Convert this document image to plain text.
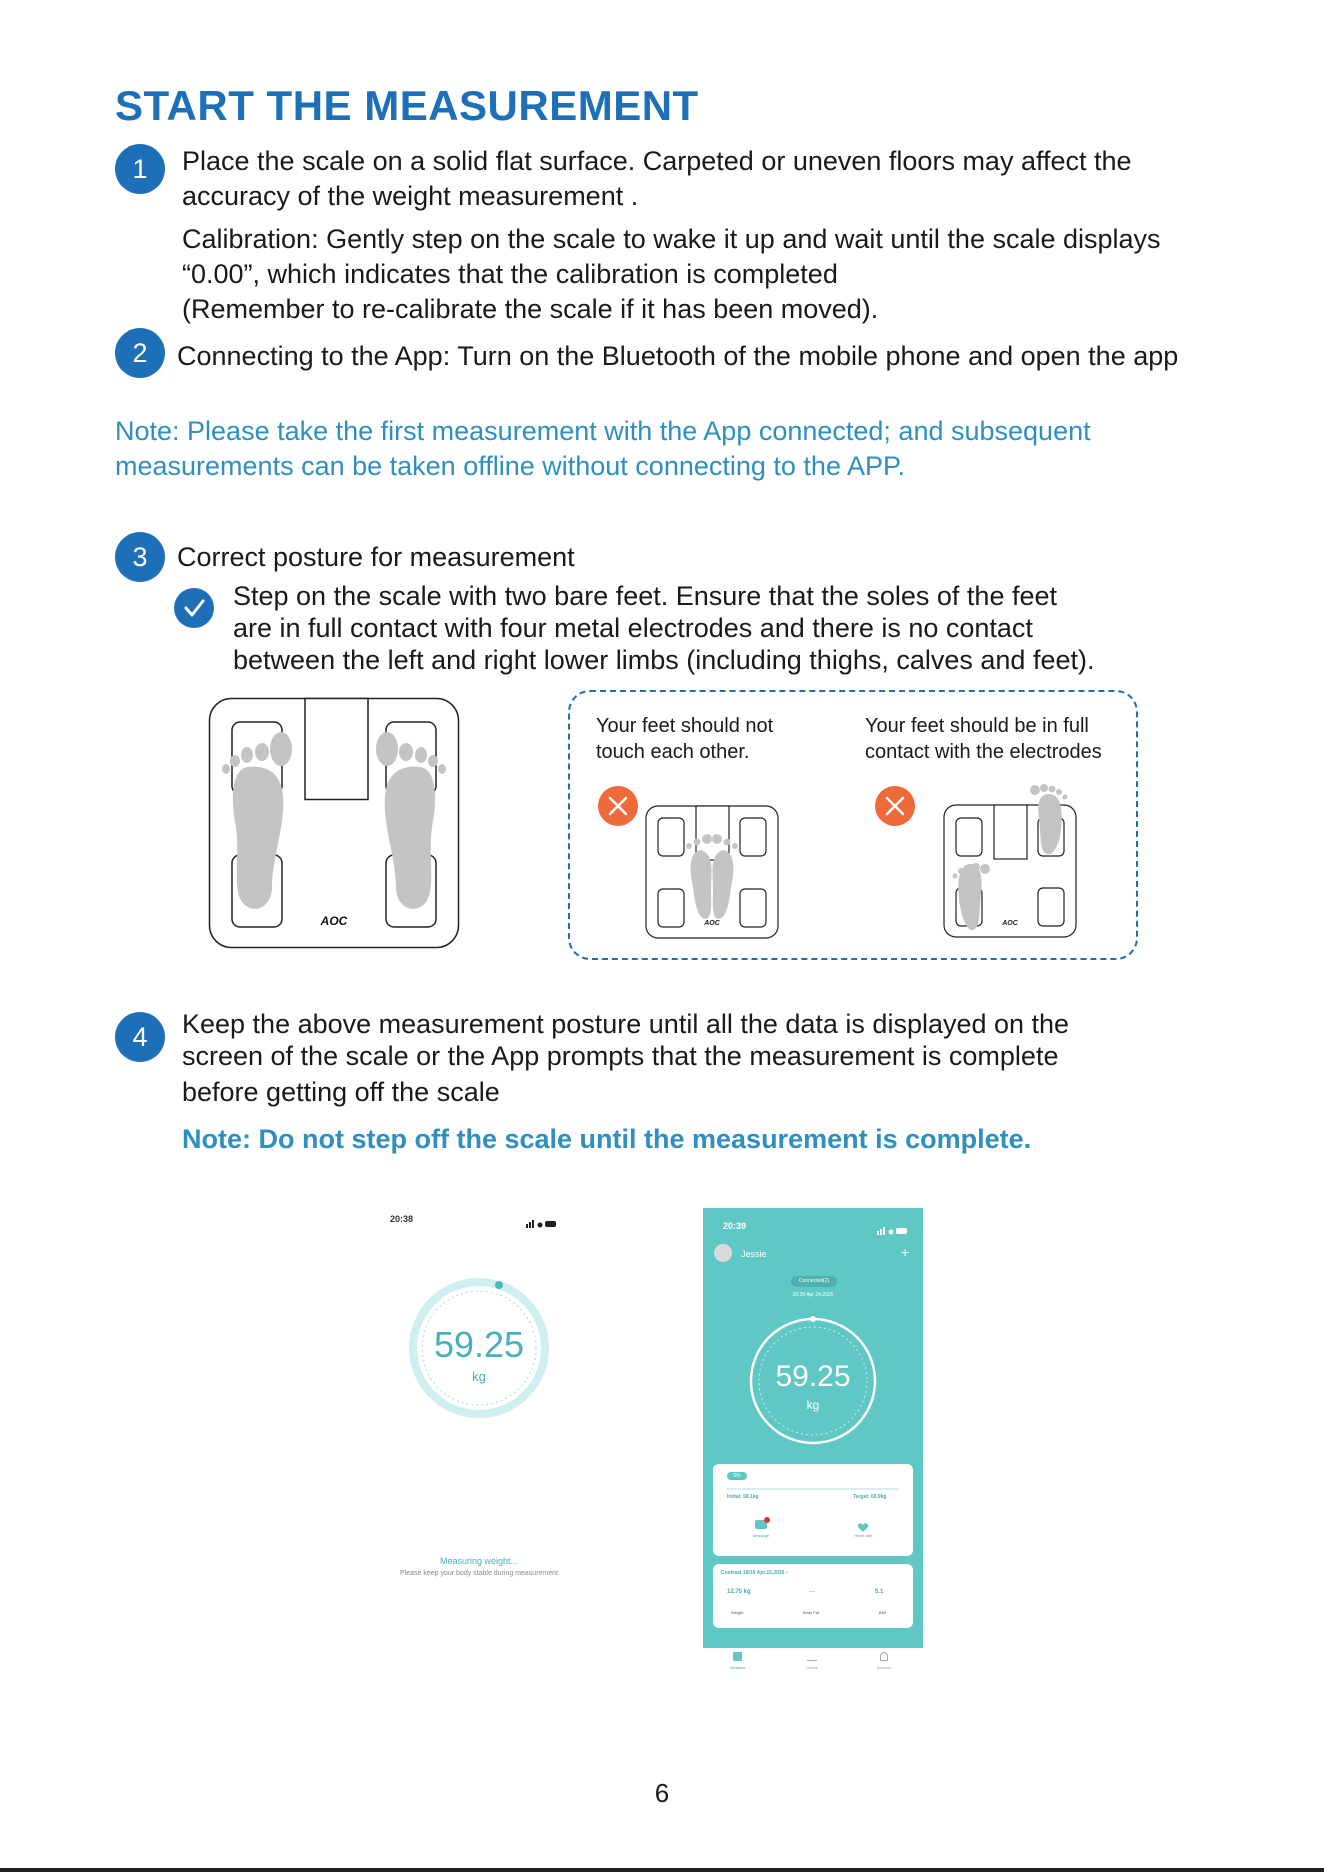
START THE MEASUREMENT
1	Place the scale on a solid flat surface. Carpeted or uneven floors may affect the
accuracy of the weight measurement .
Calibration: Gently step on the scale to wake it up and wait until the scale displays
“0.00”, which indicates that the calibration is completed
(Remember to re-calibrate the scale if it has been moved).
2	Connecting to the App: Turn on the Bluetooth of the mobile phone and open the app
Note: Please take the first measurement with the App connected; and subsequent
measurements can be taken offline without connecting to the APP.
3	Correct posture for measurement
Step on the scale with two bare feet. Ensure that the soles of the feet
are in full contact with four metal electrodes and there is no contact
between the left and right lower limbs (including thighs, calves and feet).
AOC
Your feet should not
touch each other.
Your feet should be in full
contact with the electrodes
AOC	AOC
4	Keep the above measurement posture until all the data is displayed on the
screen of the scale or the App prompts that the measurement is complete
before getting off the scale
Note: Do not step off the scale until the measurement is complete.
20:38
59.25
kg
Measuring weight...
Please keep your body stable during measurement
20:39
Jessie	+
Connected(2)
20:39 Apr 24,2026
59.25
kg
0%
Initial: 58.1kg	Target: 60.9kg
Message	Heart rate
Contrast 18/10 Apr.15,2026 ›
12.75 kg	---	5.1
Weight	Body Fat	BMI
Measure	Charts	Account
6
